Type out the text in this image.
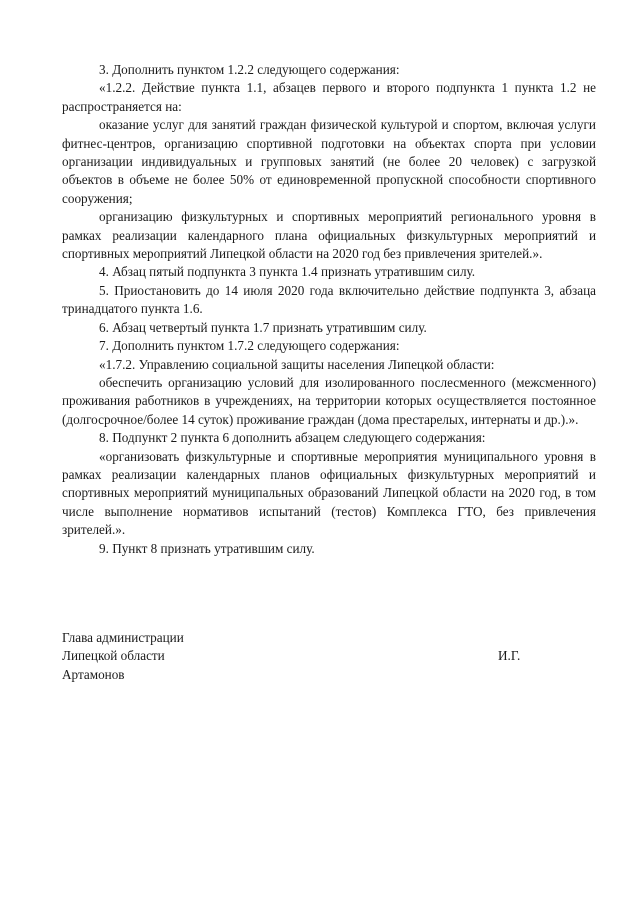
3. Дополнить пунктом 1.2.2 следующего содержания:

«1.2.2. Действие пункта 1.1, абзацев первого и второго подпункта 1 пункта 1.2 не распространяется на:

оказание услуг для занятий граждан физической культурой и спортом, включая услуги фитнес-центров, организацию спортивной подготовки на объектах спорта при условии организации индивидуальных и групповых занятий (не более 20 человек) с загрузкой объектов в объеме не более 50% от единовременной пропускной способности спортивного сооружения;

организацию физкультурных и спортивных мероприятий регионального уровня в рамках реализации календарного плана официальных физкультурных мероприятий и спортивных мероприятий Липецкой области на 2020 год без привлечения зрителей.».

4. Абзац пятый подпункта 3 пункта 1.4 признать утратившим силу.

5. Приостановить до 14 июля 2020 года включительно действие подпункта 3, абзаца тринадцатого пункта 1.6.

6. Абзац четвертый пункта 1.7 признать утратившим силу.

7. Дополнить пунктом 1.7.2 следующего содержания:

«1.7.2. Управлению социальной защиты населения Липецкой области:

обеспечить организацию условий для изолированного послесменного (межсменного) проживания работников в учреждениях, на территории которых осуществляется постоянное (долгосрочное/более 14 суток) проживание граждан (дома престарелых, интернаты и др.).».

8. Подпункт 2 пункта 6 дополнить абзацем следующего содержания:

«организовать физкультурные и спортивные мероприятия муниципального уровня в рамках реализации календарных планов официальных физкультурных мероприятий и спортивных мероприятий муниципальных образований Липецкой области на 2020 год, в том числе выполнение нормативов испытаний (тестов) Комплекса ГТО, без привлечения зрителей.».

9. Пункт 8 признать утратившим силу.

Глава администрации

Липецкой области	И.Г.

Артамонов
